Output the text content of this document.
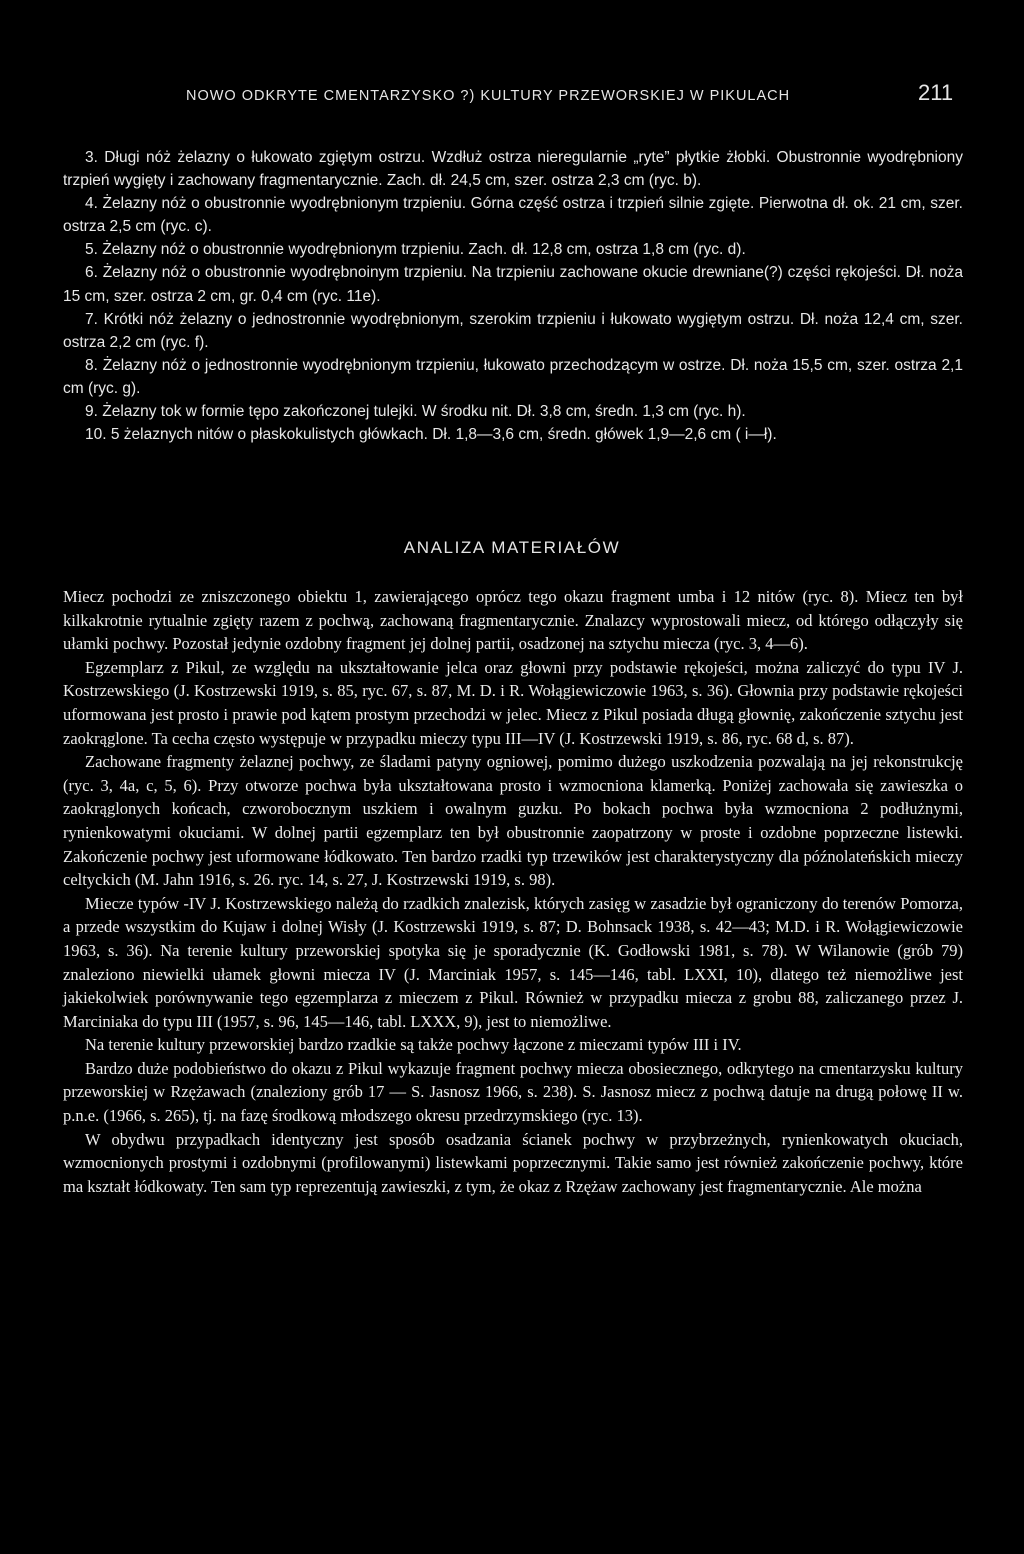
NOWO ODKRYTE CMENTARZYSKO ?) KULTURY PRZEWORSKIEJ W PIKULACH	211

3. Długi nóż żelazny o łukowato zgiętym ostrzu. Wzdłuż ostrza nieregularnie „ryte” płytkie żłobki. Obustronnie wyodrębniony trzpień wygięty i zachowany fragmentarycznie. Zach. dł. 24,5 cm, szer. ostrza 2,3 cm (ryc. b).

4. Żelazny nóż o obustronnie wyodrębnionym trzpieniu. Górna część ostrza i trzpień silnie zgięte. Pierwotna dł. ok. 21 cm, szer. ostrza 2,5 cm (ryc. c).

5. Żelazny nóż o obustronnie wyodrębnionym trzpieniu. Zach. dł. 12,8 cm, ostrza 1,8 cm (ryc. d).

6. Żelazny nóż o obustronnie wyodrębnoinym trzpieniu. Na trzpieniu zachowane okucie drewniane(?) części rękojeści. Dł. noża 15 cm, szer. ostrza 2 cm, gr. 0,4 cm (ryc. 11e).

7. Krótki nóż żelazny o jednostronnie wyodrębnionym, szerokim trzpieniu i łukowato wygiętym ostrzu. Dł. noża 12,4 cm, szer. ostrza 2,2 cm (ryc. f).

8. Żelazny nóż o jednostronnie wyodrębnionym trzpieniu, łukowato przechodzącym w ostrze. Dł. noża 15,5 cm, szer. ostrza 2,1 cm (ryc. g).

9. Żelazny tok w formie tępo zakończonej tulejki. W środku nit. Dł. 3,8 cm, średn. 1,3 cm (ryc. h).

10. 5 żelaznych nitów o płaskokulistych główkach. Dł. 1,8—3,6 cm, średn. główek 1,9—2,6 cm ( i—ł).

ANALIZA MATERIAŁÓW

Miecz pochodzi ze zniszczonego obiektu 1, zawierającego oprócz tego okazu fragment umba i 12 nitów (ryc. 8). Miecz ten był kilkakrotnie rytualnie zgięty razem z pochwą, zachowaną fragmentarycznie. Znalazcy wyprostowali miecz, od którego odłączyły się ułamki pochwy. Pozostał jedynie ozdobny fragment jej dolnej partii, osadzonej na sztychu miecza (ryc. 3, 4—6).

Egzemplarz z Pikul, ze względu na ukształtowanie jelca oraz głowni przy podstawie rękojeści, można zaliczyć do typu IV J. Kostrzewskiego (J. Kostrzewski 1919, s. 85, ryc. 67, s. 87, M. D. i R. Wołągiewiczowie 1963, s. 36). Głownia przy podstawie rękojeści uformowana jest prosto i prawie pod kątem prostym przechodzi w jelec. Miecz z Pikul posiada długą głownię, zakończenie sztychu jest zaokrąglone. Ta cecha często występuje w przypadku mieczy typu III—IV (J. Kostrzewski 1919, s. 86, ryc. 68 d, s. 87).

Zachowane fragmenty żelaznej pochwy, ze śladami patyny ogniowej, pomimo dużego uszkodzenia pozwalają na jej rekonstrukcję (ryc. 3, 4a, c, 5, 6). Przy otworze pochwa była ukształtowana prosto i wzmocniona klamerką. Poniżej zachowała się zawieszka o zaokrąglonych końcach, czworobocznym uszkiem i owalnym guzku. Po bokach pochwa była wzmocniona 2 podłużnymi, rynienkowatymi okuciami. W dolnej partii egzemplarz ten był obustronnie zaopatrzony w proste i ozdobne poprzeczne listewki. Zakończenie pochwy jest uformowane łódkowato. Ten bardzo rzadki typ trzewików jest charakterystyczny dla późnolateńskich mieczy celtyckich (M. Jahn 1916, s. 26. ryc. 14, s. 27, J. Kostrzewski 1919, s. 98).

Miecze typów -IV J. Kostrzewskiego należą do rzadkich znalezisk, których zasięg w zasadzie był ograniczony do terenów Pomorza, a przede wszystkim do Kujaw i dolnej Wisły (J. Kostrzewski 1919, s. 87; D. Bohnsack 1938, s. 42—43; M.D. i R. Wołągiewiczowie 1963, s. 36). Na terenie kultury przeworskiej spotyka się je sporadycznie (K. Godłowski 1981, s. 78). W Wilanowie (grób 79) znaleziono niewielki ułamek głowni miecza IV (J. Marciniak 1957, s. 145—146, tabl. LXXI, 10), dlatego też niemożliwe jest jakiekolwiek porównywanie tego egzemplarza z mieczem z Pikul. Również w przypadku miecza z grobu 88, zaliczanego przez J. Marciniaka do typu III (1957, s. 96, 145—146, tabl. LXXX, 9), jest to niemożliwe.

Na terenie kultury przeworskiej bardzo rzadkie są także pochwy łączone z mieczami typów III i IV.

Bardzo duże podobieństwo do okazu z Pikul wykazuje fragment pochwy miecza obosiecznego, odkrytego na cmentarzysku kultury przeworskiej w Rzężawach (znaleziony grób 17 — S. Jasnosz 1966, s. 238). S. Jasnosz miecz z pochwą datuje na drugą połowę II w. p.n.e. (1966, s. 265), tj. na fazę środkową młodszego okresu przedrzymskiego (ryc. 13).

W obydwu przypadkach identyczny jest sposób osadzania ścianek pochwy w przybrzeżnych, rynienkowatych okuciach, wzmocnionych prostymi i ozdobnymi (profilowanymi) listewkami poprzecznymi. Takie samo jest również zakończenie pochwy, które ma kształt łódkowaty. Ten sam typ reprezentują zawieszki, z tym, że okaz z Rzężaw zachowany jest fragmentarycznie. Ale można
